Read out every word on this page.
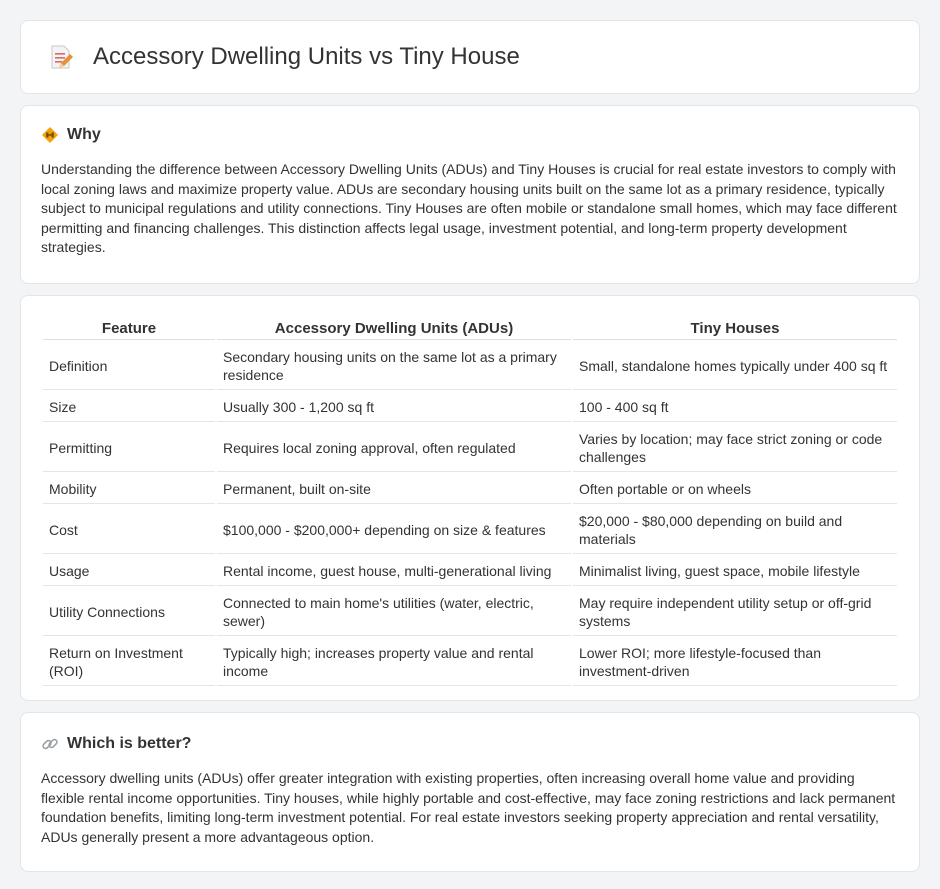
Accessory Dwelling Units vs Tiny House
Why

Understanding the difference between Accessory Dwelling Units (ADUs) and Tiny Houses is crucial for real estate investors to comply with local zoning laws and maximize property value. ADUs are secondary housing units built on the same lot as a primary residence, typically subject to municipal regulations and utility connections. Tiny Houses are often mobile or standalone small homes, which may face different permitting and financing challenges. This distinction affects legal usage, investment potential, and long-term property development strategies.

Feature	Accessory Dwelling Units (ADUs)	Tiny Houses
Definition	Secondary housing units on the same lot as a primary residence	Small, standalone homes typically under 400 sq ft
Size	Usually 300 - 1,200 sq ft	100 - 400 sq ft
Permitting	Requires local zoning approval, often regulated	Varies by location; may face strict zoning or code challenges
Mobility	Permanent, built on-site	Often portable or on wheels
Cost	$100,000 - $200,000+ depending on size & features	$20,000 - $80,000 depending on build and materials
Usage	Rental income, guest house, multi-generational living	Minimalist living, guest space, mobile lifestyle
Utility Connections	Connected to main home's utilities (water, electric, sewer)	May require independent utility setup or off-grid systems
Return on Investment (ROI)	Typically high; increases property value and rental income	Lower ROI; more lifestyle-focused than investment-driven
Which is better?

Accessory dwelling units (ADUs) offer greater integration with existing properties, often increasing overall home value and providing flexible rental income opportunities. Tiny houses, while highly portable and cost-effective, may face zoning restrictions and lack permanent foundation benefits, limiting long-term investment potential. For real estate investors seeking property appreciation and rental versatility, ADUs generally present a more advantageous option.
